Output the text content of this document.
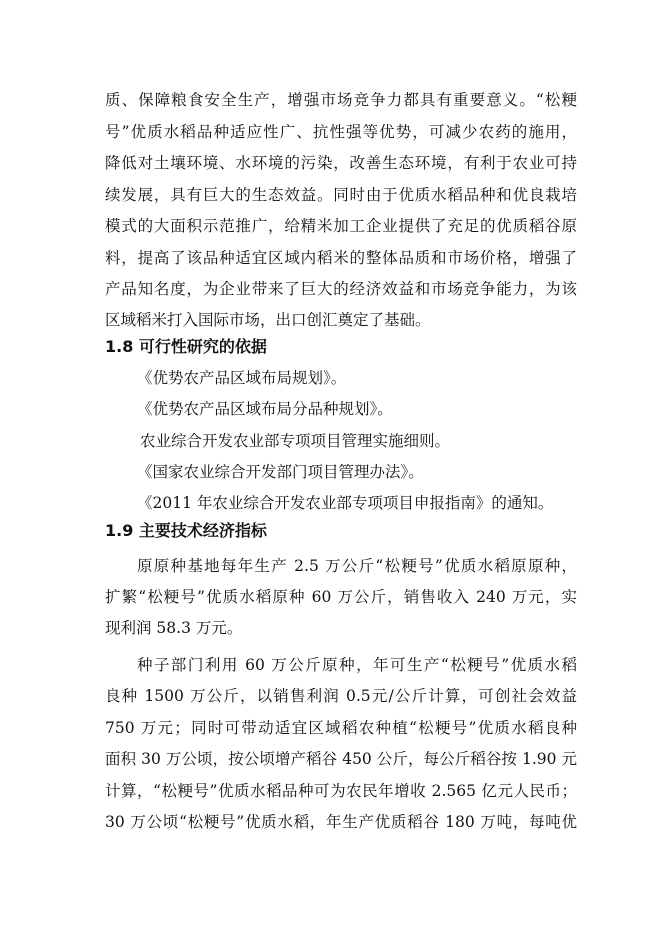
质、保障粮食安全生产，增强市场竞争力都具有重要意义。“松粳
号”优质水稻品种适应性广、抗性强等优势，可减少农药的施用，
降低对土壤环境、水环境的污染，改善生态环境，有利于农业可持
续发展，具有巨大的生态效益。同时由于优质水稻品种和优良栽培
模式的大面积示范推广，给精米加工企业提供了充足的优质稻谷原
料，提高了该品种适宜区域内稻米的整体品质和市场价格，增强了
产品知名度，为企业带来了巨大的经济效益和市场竞争能力，为该
区域稻米打入国际市场，出口创汇奠定了基础。
1.8 可行性研究的依据
《优势农产品区域布局规划》。
《优势农产品区域布局分品种规划》。
农业综合开发农业部专项项目管理实施细则。
《国家农业综合开发部门项目管理办法》。
《2011 年农业综合开发农业部专项项目申报指南》的通知。
1.9 主要技术经济指标
原原种基地每年生产 2.5 万公斤“松粳号”优质水稻原原种，
扩繁“松粳号”优质水稻原种 60 万公斤，销售收入 240 万元，实
现利润 58.3 万元。
种子部门利用 60 万公斤原种，年可生产“松粳号”优质水稻
良种 1500 万公斤，以销售利润 0.5元/公斤计算，可创社会效益
750 万元；同时可带动适宜区域稻农种植“松粳号”优质水稻良种
面积 30 万公顷，按公顷增产稻谷 450 公斤，每公斤稻谷按 1.90 元
计算，“松粳号”优质水稻品种可为农民年增收 2.565 亿元人民币；
30 万公顷“松粳号”优质水稻，年生产优质稻谷 180 万吨，每吨优
